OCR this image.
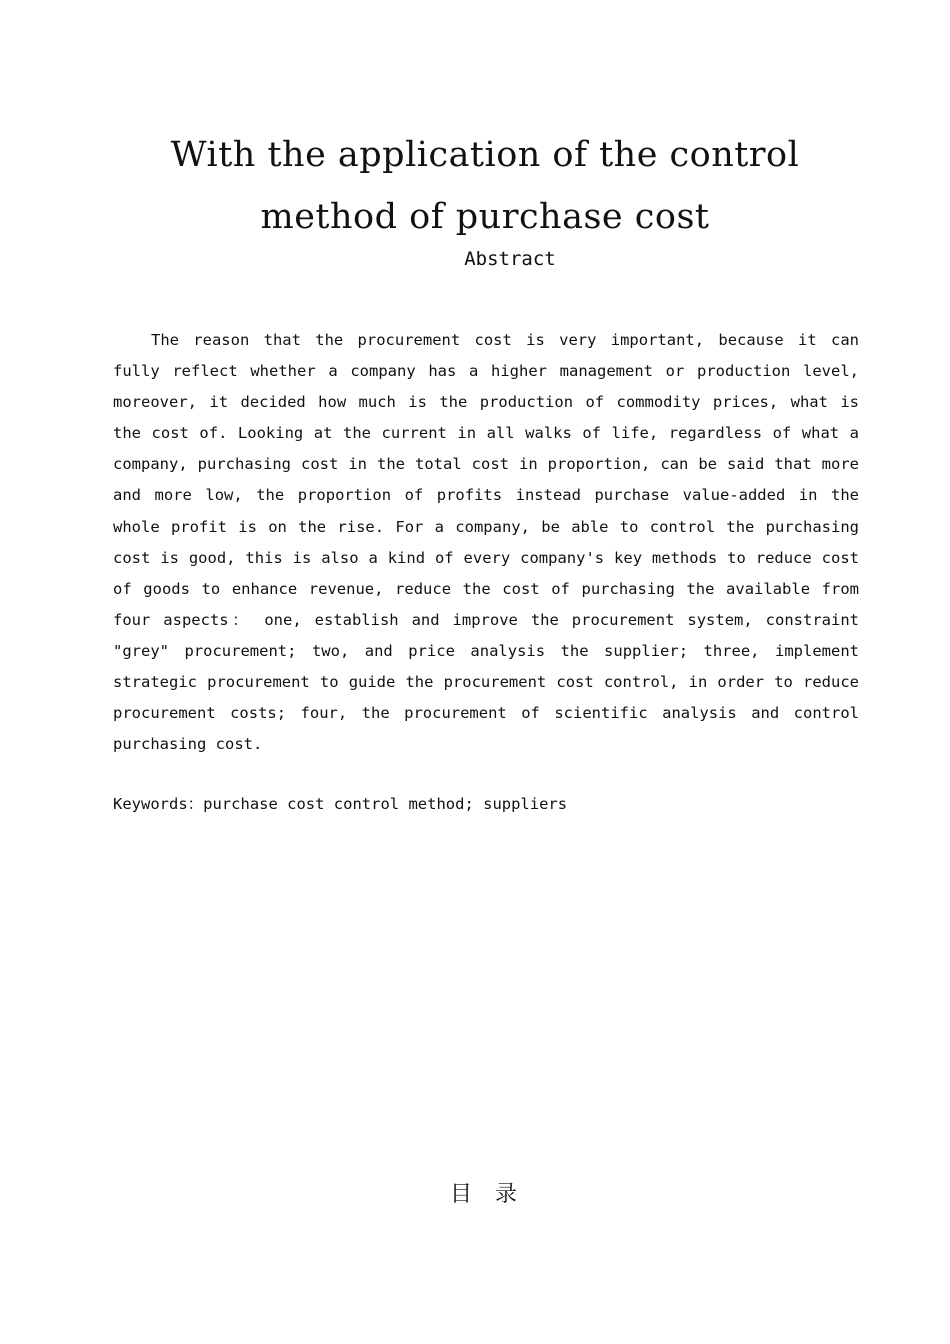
With the application of the control method of purchase cost
Abstract

The reason that the procurement cost is very important, because it can fully reflect whether a company has a higher management or production level, moreover, it decided how much is the production of commodity prices, what is the cost of. Looking at the current in all walks of life, regardless of what a company, purchasing cost in the total cost in proportion, can be said that more and more low, the proportion of profits instead purchase value-added in the whole profit is on the rise. For a company, be able to control the purchasing cost is good, this is also a kind of every company's key methods to reduce cost of goods to enhance revenue, reduce the cost of purchasing the available from four aspects： one, establish and improve the procurement system, constraint "grey" procurement; two, and price analysis the supplier; three, implement strategic procurement to guide the procurement cost control, in order to reduce procurement costs; four, the procurement of scientific analysis and control purchasing cost.

Keywords：purchase cost control method; suppliers

目 录
